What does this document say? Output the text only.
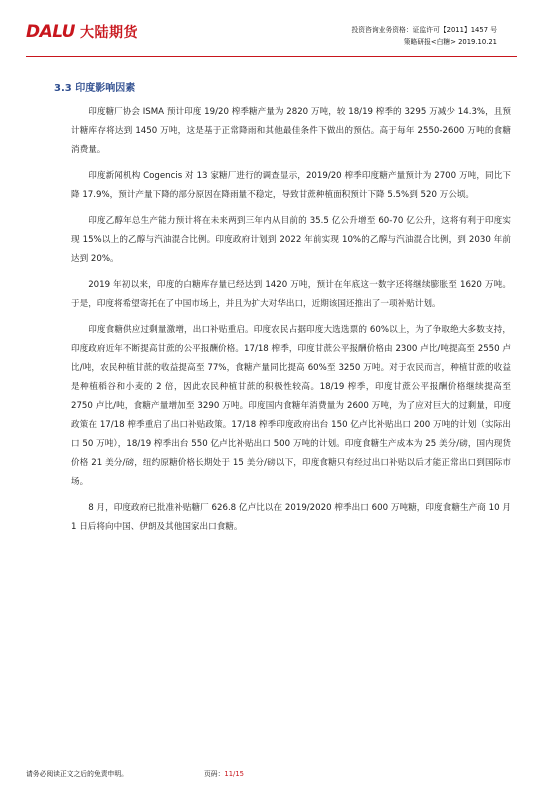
DALU 大陆期货	投资咨询业务资格：证监许可【2011】1457 号
策略研报<白糖> 2019.10.21
3.3 印度影响因素

印度糖厂协会 ISMA 预计印度 19/20 榨季糖产量为 2820 万吨，较 18/19 榨季的 3295 万减少 14.3%，且预计糖库存将达到 1450 万吨，这是基于正常降雨和其他最佳条件下做出的预估。高于每年 2550-2600 万吨的食糖消费量。

印度新闻机构 Cogencis 对 13 家糖厂进行的调查显示，2019/20 榨季印度糖产量预计为 2700 万吨，同比下降 17.9%，预计产量下降的部分原因在降雨量不稳定，导致甘蔗种植面积预计下降 5.5%到 520 万公顷。

印度乙醇年总生产能力预计将在未来两到三年内从目前的 35.5 亿公升增至 60-70 亿公升，这将有利于印度实现 15%以上的乙醇与汽油混合比例。印度政府计划到 2022 年前实现 10%的乙醇与汽油混合比例，到 2030 年前达到 20%。

2019 年初以来，印度的白糖库存量已经达到 1420 万吨，预计在年底这一数字还将继续膨胀至 1620 万吨。于是，印度将希望寄托在了中国市场上，并且为扩大对华出口，近期该国还推出了一项补贴计划。

印度食糖供应过剩量激增，出口补贴重启。印度农民占据印度大选选票的 60%以上，为了争取绝大多数支持，印度政府近年不断提高甘蔗的公平报酬价格。17/18 榨季，印度甘蔗公平报酬价格由 2300 卢比/吨提高至 2550 卢比/吨，农民种植甘蔗的收益提高至 77%，食糖产量同比提高 60%至 3250 万吨。对于农民而言，种植甘蔗的收益是种植稻谷和小麦的 2 倍，因此农民种植甘蔗的积极性较高。18/19 榨季，印度甘蔗公平报酬价格继续提高至 2750 卢比/吨，食糖产量增加至 3290 万吨。印度国内食糖年消费量为 2600 万吨，为了应对巨大的过剩量，印度政策在 17/18 榨季重启了出口补贴政策。17/18 榨季印度政府出台 150 亿卢比补贴出口 200 万吨的计划（实际出口 50 万吨），18/19 榨季出台 550 亿卢比补贴出口 500 万吨的计划。印度食糖生产成本为 25 美分/磅，国内现货价格 21 美分/磅，纽约原糖价格长期处于 15 美分/磅以下，印度食糖只有经过出口补贴以后才能正常出口到国际市场。

8 月，印度政府已批准补贴糖厂 626.8 亿卢比以在 2019/2020 榨季出口 600 万吨糖，印度食糖生产商 10 月 1 日后将向中国、伊朗及其他国家出口食糖。

请务必阅读正文之后的免责申明。	页码：11/15
